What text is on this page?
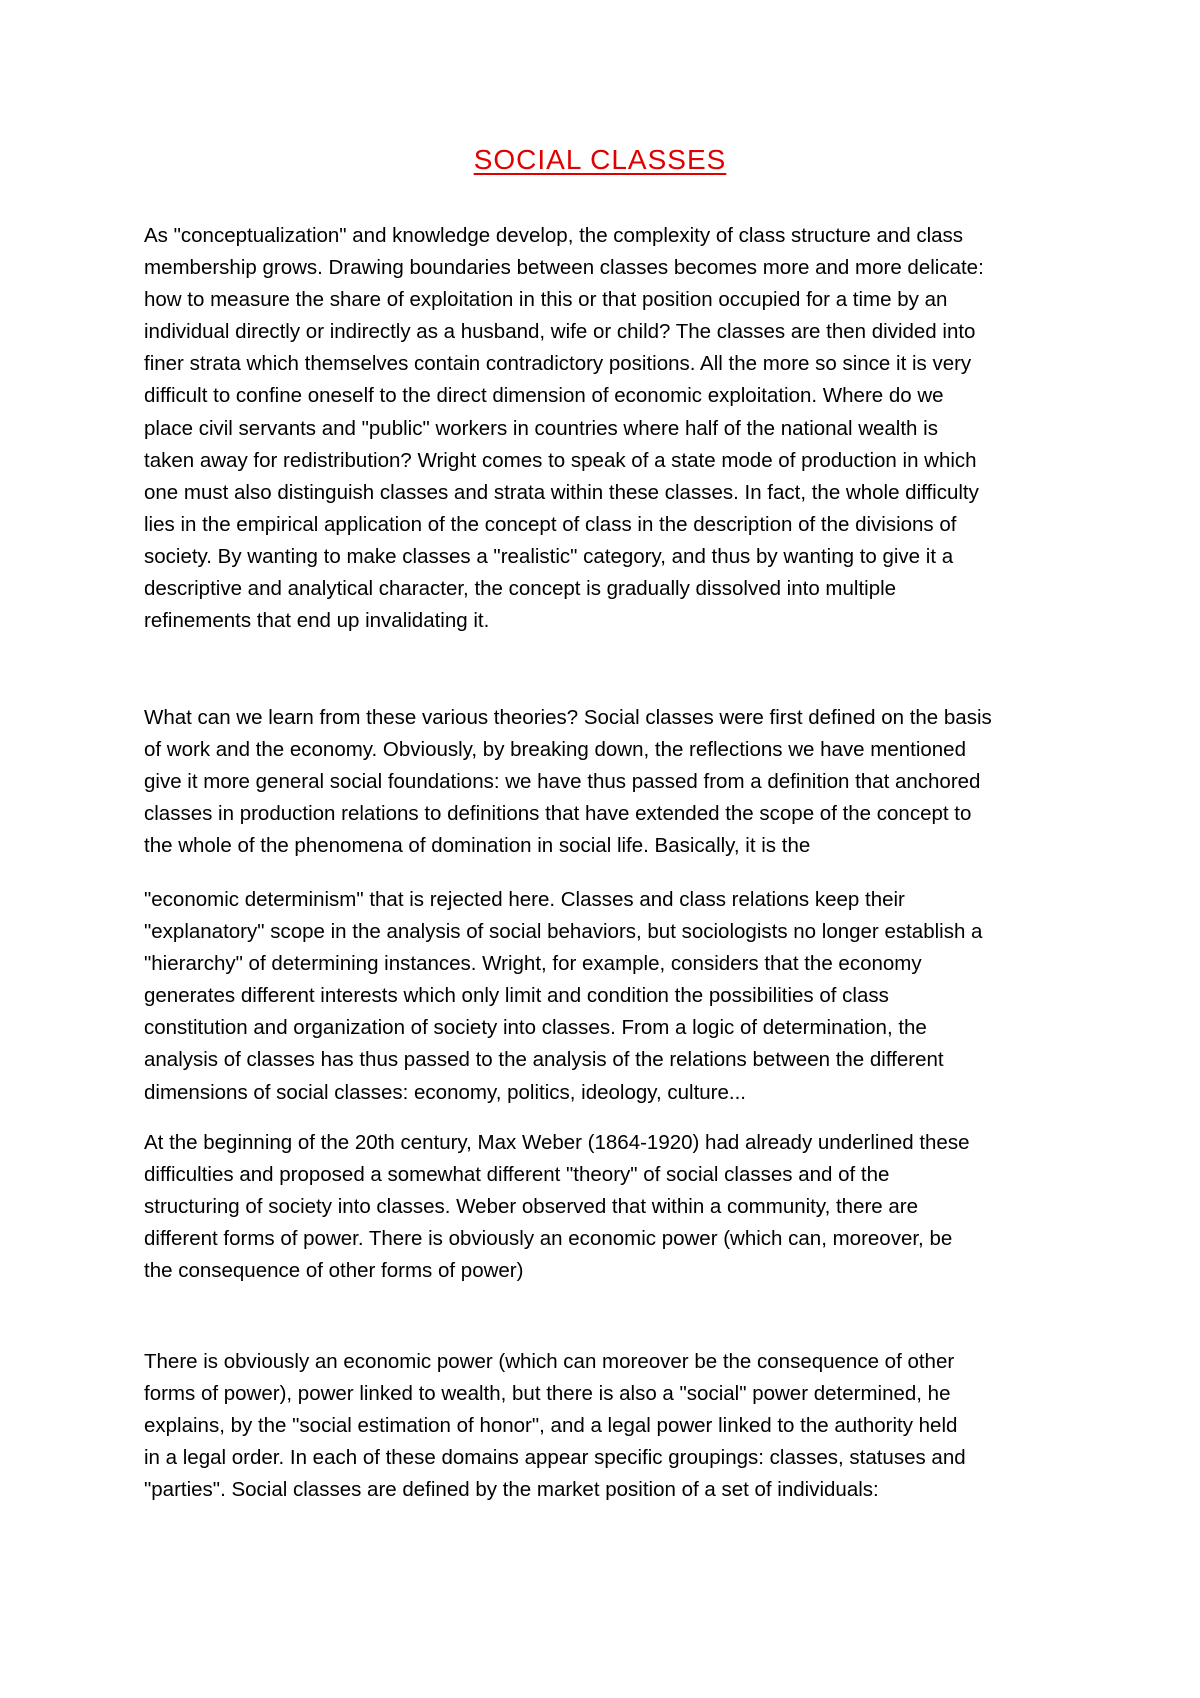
SOCIAL CLASSES

As "conceptualization" and knowledge develop, the complexity of class structure and class
membership grows. Drawing boundaries between classes becomes more and more delicate:
how to measure the share of exploitation in this or that position occupied for a time by an
individual directly or indirectly as a husband, wife or child? The classes are then divided into
finer strata which themselves contain contradictory positions. All the more so since it is very
difficult to confine oneself to the direct dimension of economic exploitation. Where do we
place civil servants and "public" workers in countries where half of the national wealth is
taken away for redistribution? Wright comes to speak of a state mode of production in which
one must also distinguish classes and strata within these classes. In fact, the whole difficulty
lies in the empirical application of the concept of class in the description of the divisions of
society. By wanting to make classes a "realistic" category, and thus by wanting to give it a
descriptive and analytical character, the concept is gradually dissolved into multiple
refinements that end up invalidating it.

What can we learn from these various theories? Social classes were first defined on the basis
of work and the economy. Obviously, by breaking down, the reflections we have mentioned
give it more general social foundations: we have thus passed from a definition that anchored
classes in production relations to definitions that have extended the scope of the concept to
the whole of the phenomena of domination in social life. Basically, it is the

"economic determinism" that is rejected here. Classes and class relations keep their
"explanatory" scope in the analysis of social behaviors, but sociologists no longer establish a
"hierarchy" of determining instances. Wright, for example, considers that the economy
generates different interests which only limit and condition the possibilities of class
constitution and organization of society into classes. From a logic of determination, the
analysis of classes has thus passed to the analysis of the relations between the different
dimensions of social classes: economy, politics, ideology, culture...

At the beginning of the 20th century, Max Weber (1864-1920) had already underlined these
difficulties and proposed a somewhat different "theory" of social classes and of the
structuring of society into classes. Weber observed that within a community, there are
different forms of power. There is obviously an economic power (which can, moreover, be
the consequence of other forms of power)

There is obviously an economic power (which can moreover be the consequence of other
forms of power), power linked to wealth, but there is also a "social" power determined, he
explains, by the "social estimation of honor", and a legal power linked to the authority held
in a legal order. In each of these domains appear specific groupings: classes, statuses and
"parties". Social classes are defined by the market position of a set of individuals:
